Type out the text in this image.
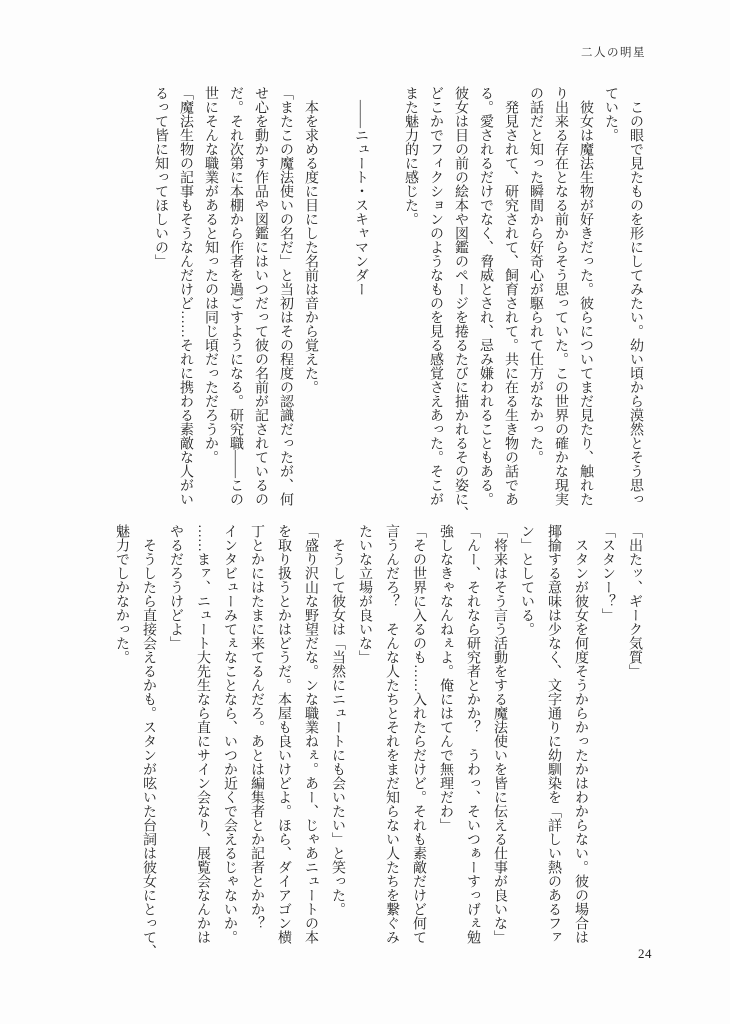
二人の明星
　この眼で見たものを形にしてみたい。幼い頃から漠然とそう思っ
ていた。
　彼女は魔法生物が好きだった。彼らについてまだ見たり、触れた
り出来る存在となる前からそう思っていた。この世界の確かな現実
の話だと知った瞬間から好奇心が駆られて仕方がなかった。
　発見されて、研究されて、飼育されて。共に在る生き物の話であ
る。愛されるだけでなく、脅威とされ、忌み嫌われることもある。
彼女は目の前の絵本や図鑑のページを捲るたびに描かれるその姿に、
どこかでフィクションのようなものを見る感覚さえあった。そこが
また魅力的に感じた。

　――ニュート・スキャマンダー

　本を求める度に目にした名前は音から覚えた。
「またこの魔法使いの名だ」と当初はその程度の認識だったが、何
せ心を動かす作品や図鑑にはいつだって彼の名前が記されているの
だ。それ次第に本棚から作者を過ごすようになる。研究職――この
世にそんな職業があると知ったのは同じ頃だっただろうか。
「魔法生物の記事もそうなんだけど……それに携わる素敵な人がい
るって皆に知ってほしいの」
「出たッ、ギーク気質」
「スタンー？」
　スタンが彼女を何度そうからかったかはわからない。彼の場合は
揶揄する意味は少なく、文字通りに幼馴染を「詳しい熱のあるファ
ン」としている。
「将来はそう言う活動をする魔法使いを皆に伝える仕事が良いな」
「んー、それなら研究者とかか？　うわっ、そいつぁーすっげぇ勉
強しなきゃなんねぇよ。俺にはてんで無理だわ」
「その世界に入るのも……入れたらだけど。それも素敵だけど何て
言うんだろ？　そんな人たちとそれをまだ知らない人たちを繋ぐみ
たいな立場が良いな」
　そうして彼女は「当然にニュートにも会いたい」と笑った。
「盛り沢山な野望だな。ンな職業ねぇ。あー、じゃあニュートの本
を取り扱うとかはどうだ。本屋も良いけどよ。ほら、ダイアゴン横
丁とかにはたまに来てるんだろ。あとは編集者とか記者とかか？
インタビューみてぇなことなら、いつか近くで会えるじゃないか。
……まァ、ニュート大先生なら直にサイン会なり、展覧会なんかは
やるだろうけどよ」
　そうしたら直接会えるかも。スタンが呟いた台詞は彼女にとって、
魅力でしかなかった。
24
